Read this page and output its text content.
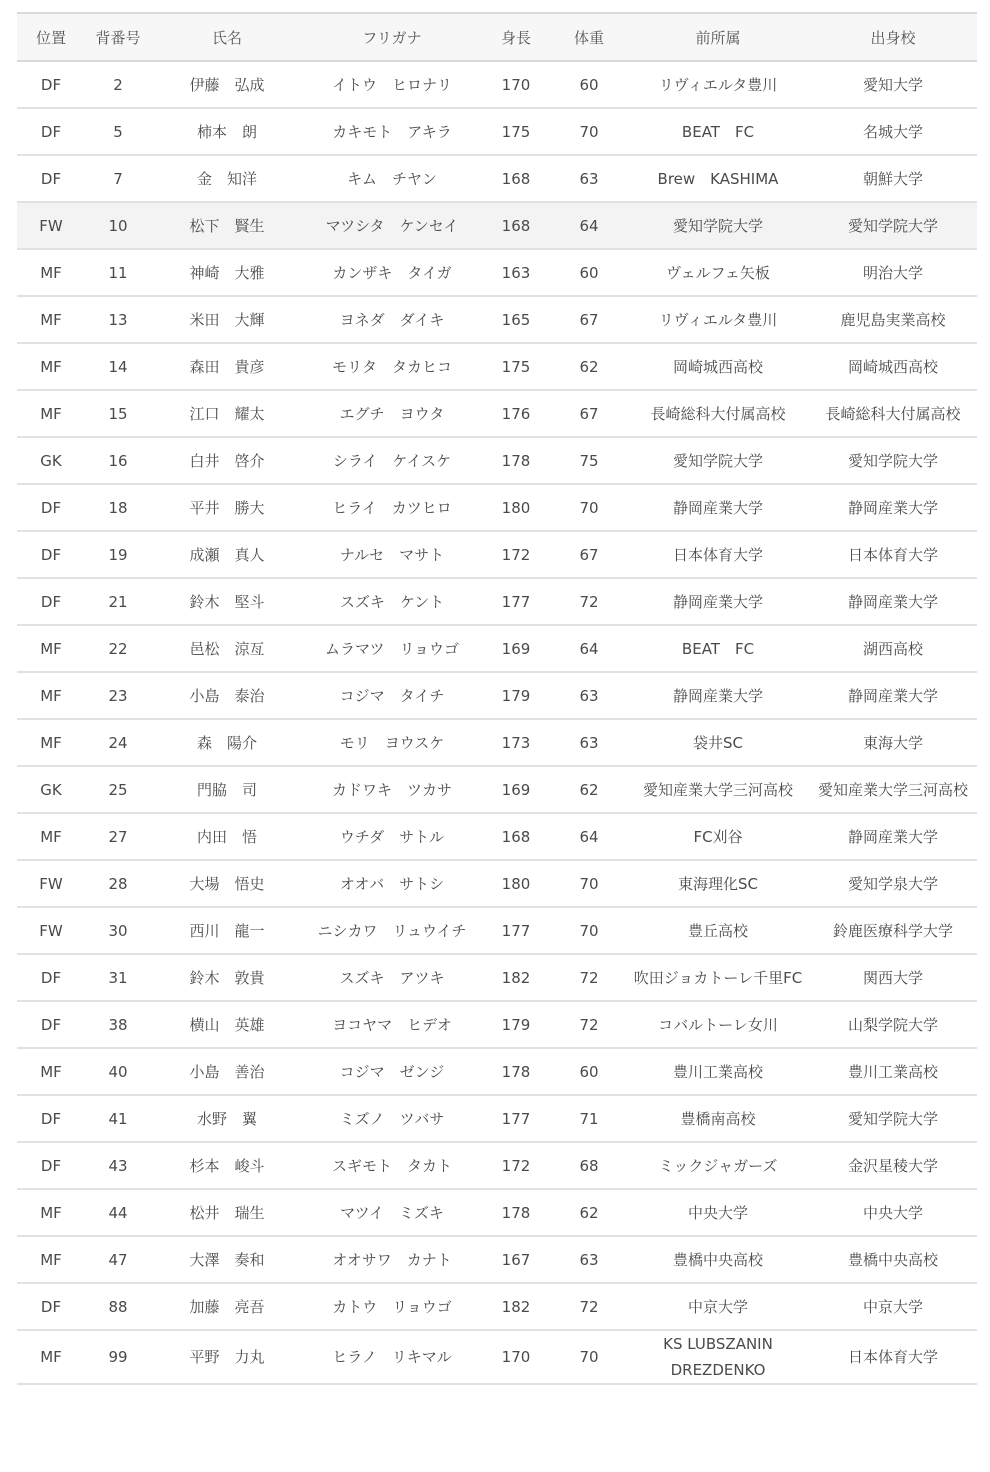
位置	背番号	氏名	フリガナ	身長	体重	前所属	出身校
DF	2	伊藤　弘成	イトウ　ヒロナリ	170	60	リヴィエルタ豊川	愛知大学
DF	5	柿本　朗	カキモト　アキラ	175	70	BEAT　FC	名城大学
DF	7	金　知洋	キム　チヤン	168	63	Brew　KASHIMA	朝鮮大学
FW	10	松下　賢生	マツシタ　ケンセイ	168	64	愛知学院大学	愛知学院大学
MF	11	神崎　大雅	カンザキ　タイガ	163	60	ヴェルフェ矢板	明治大学
MF	13	米田　大輝	ヨネダ　ダイキ	165	67	リヴィエルタ豊川	鹿児島実業高校
MF	14	森田　貴彦	モリタ　タカヒコ	175	62	岡崎城西高校	岡崎城西高校
MF	15	江口　耀太	エグチ　ヨウタ	176	67	長崎総科大付属高校	長崎総科大付属高校
GK	16	白井　啓介	シライ　ケイスケ	178	75	愛知学院大学	愛知学院大学
DF	18	平井　勝大	ヒライ　カツヒロ	180	70	静岡産業大学	静岡産業大学
DF	19	成瀬　真人	ナルセ　マサト	172	67	日本体育大学	日本体育大学
DF	21	鈴木　堅斗	スズキ　ケント	177	72	静岡産業大学	静岡産業大学
MF	22	邑松　涼亙	ムラマツ　リョウゴ	169	64	BEAT　FC	湖西高校
MF	23	小島　泰治	コジマ　タイチ	179	63	静岡産業大学	静岡産業大学
MF	24	森　陽介	モリ　ヨウスケ	173	63	袋井SC	東海大学
GK	25	門脇　司	カドワキ　ツカサ	169	62	愛知産業大学三河高校	愛知産業大学三河高校
MF	27	内田　悟	ウチダ　サトル	168	64	FC刈谷	静岡産業大学
FW	28	大場　悟史	オオバ　サトシ	180	70	東海理化SC	愛知学泉大学
FW	30	西川　龍一	ニシカワ　リュウイチ	177	70	豊丘高校	鈴鹿医療科学大学
DF	31	鈴木　敦貴	スズキ　アツキ	182	72	吹田ジョカトーレ千里FC	関西大学
DF	38	横山　英雄	ヨコヤマ　ヒデオ	179	72	コバルトーレ女川	山梨学院大学
MF	40	小島　善治	コジマ　ゼンジ	178	60	豊川工業高校	豊川工業高校
DF	41	水野　翼	ミズノ　ツバサ	177	71	豊橋南高校	愛知学院大学
DF	43	杉本　峻斗	スギモト　タカト	172	68	ミックジャガーズ	金沢星稜大学
MF	44	松井　瑞生	マツイ　ミズキ	178	62	中央大学	中央大学
MF	47	大澤　奏和	オオサワ　カナト	167	63	豊橋中央高校	豊橋中央高校
DF	88	加藤　亮吾	カトウ　リョウゴ	182	72	中京大学	中京大学
MF	99	平野　力丸	ヒラノ　リキマル	170	70	KS LUBSZANIN DREZDENKO	日本体育大学
